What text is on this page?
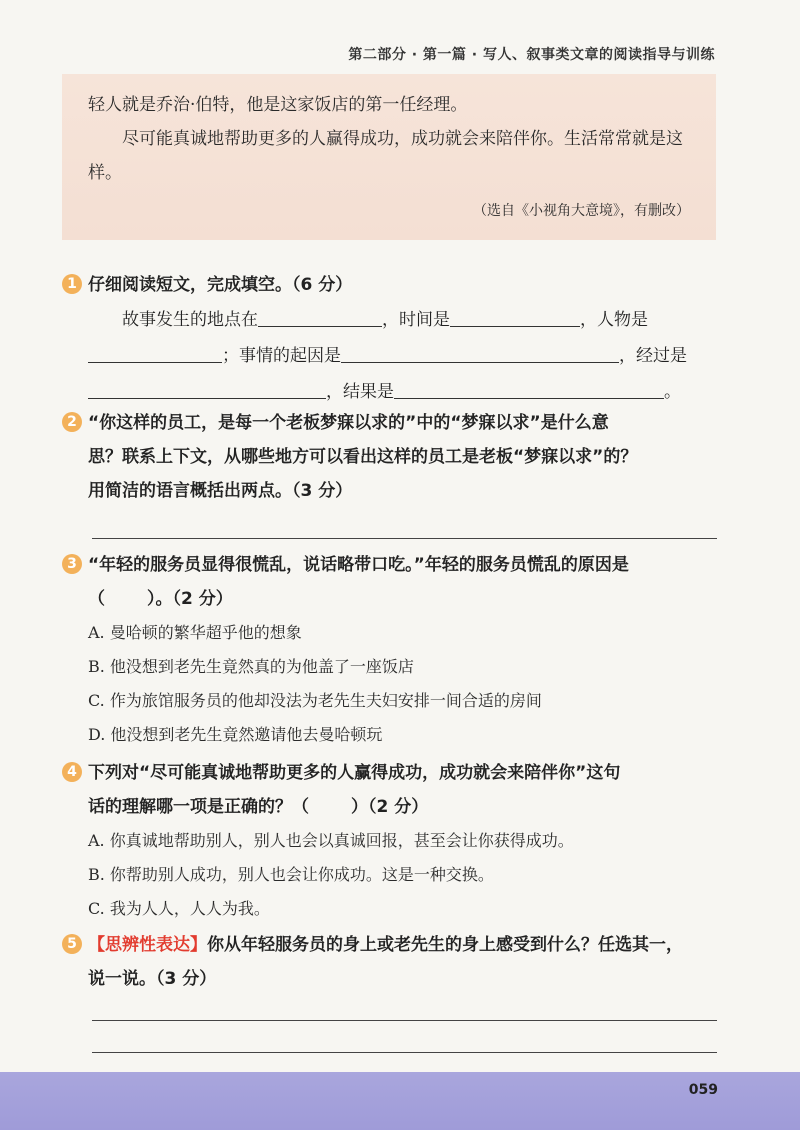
第二部分 · 第一篇 · 写人、叙事类文章的阅读指导与训练

轻人就是乔治·伯特，他是这家饭店的第一任经理。

尽可能真诚地帮助更多的人赢得成功，成功就会来陪伴你。生活常常就是这样。

（选自《小视角大意境》，有删改）

1 仔细阅读短文，完成填空。（6 分）

故事发生的地点在	，时间是	，人物是

；事情的起因是	，经过是

，结果是	。

2 “你这样的员工，是每一个老板梦寐以求的”中的“梦寐以求”是什么意

思？联系上下文，从哪些地方可以看出这样的员工是老板“梦寐以求”的？

用简洁的语言概括出两点。（3 分）

3 “年轻的服务员显得很慌乱，说话略带口吃。”年轻的服务员慌乱的原因是

（ ）。（2 分）

A. 曼哈顿的繁华超乎他的想象

B. 他没想到老先生竟然真的为他盖了一座饭店

C. 作为旅馆服务员的他却没法为老先生夫妇安排一间合适的房间

D. 他没想到老先生竟然邀请他去曼哈顿玩

4 下列对“尽可能真诚地帮助更多的人赢得成功，成功就会来陪伴你”这句

话的理解哪一项是正确的？（ ）（2 分）

A. 你真诚地帮助别人，别人也会以真诚回报，甚至会让你获得成功。

B. 你帮助别人成功，别人也会让你成功。这是一种交换。

C. 我为人人，人人为我。

5 【思辨性表达】你从年轻服务员的身上或老先生的身上感受到什么？任选其一，

说一说。（3 分）

059
